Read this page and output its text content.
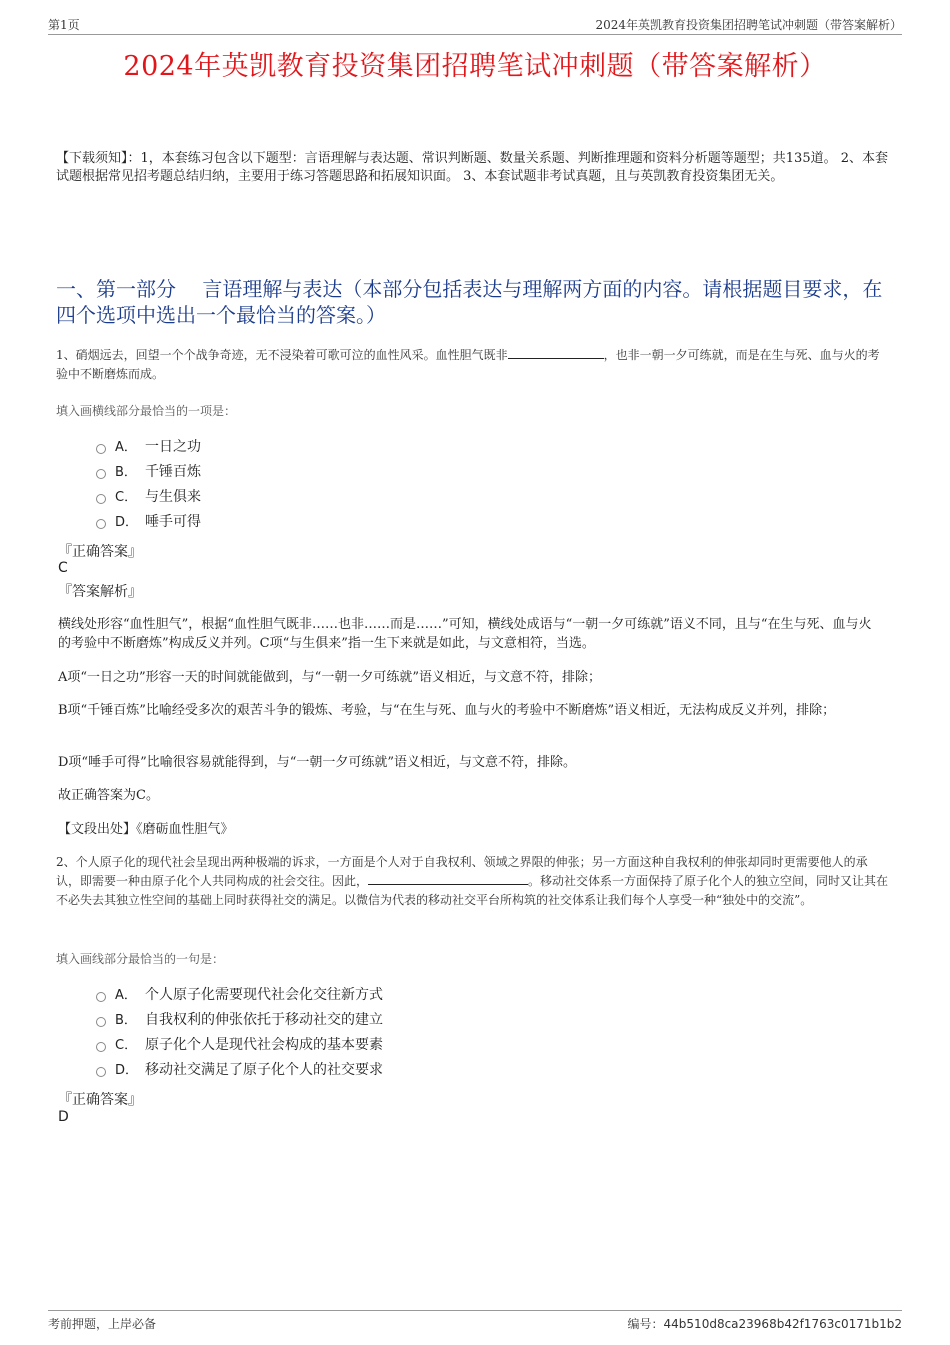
第1页	2024年英凯教育投资集团招聘笔试冲刺题（带答案解析）
2024年英凯教育投资集团招聘笔试冲刺题（带答案解析）
【下载须知】：1，本套练习包含以下题型：言语理解与表达题、常识判断题、数量关系题、判断推理题和资料分析题等题型；共135道。 2、本套试题根据常见招考题总结归纳，主要用于练习答题思路和拓展知识面。 3、本套试题非考试真题，且与英凯教育投资集团无关。
一、第一部分　 言语理解与表达（本部分包括表达与理解两方面的内容。请根据题目要求，在四个选项中选出一个最恰当的答案。）
1、硝烟远去，回望一个个战争奇迹，无不浸染着可歌可泣的血性风采。血性胆气既非	，也非一朝一夕可练就，而是在生与死、血与火的考验中不断磨炼而成。
填入画横线部分最恰当的一项是：
A． 一日之功
B． 千锤百炼
C． 与生俱来
D． 唾手可得
『正确答案』
C
『答案解析』
横线处形容“血性胆气”，根据“血性胆气既非……也非……而是……”可知，横线处成语与“一朝一夕可练就”语义不同，且与“在生与死、血与火的考验中不断磨炼”构成反义并列。C项“与生俱来”指一生下来就是如此，与文意相符，当选。
A项“一日之功”形容一天的时间就能做到，与“一朝一夕可练就”语义相近，与文意不符，排除；
B项“千锤百炼”比喻经受多次的艰苦斗争的锻炼、考验，与“在生与死、血与火的考验中不断磨炼”语义相近，无法构成反义并列，排除；
D项“唾手可得”比喻很容易就能得到，与“一朝一夕可练就”语义相近，与文意不符，排除。
故正确答案为C。
【文段出处】《磨砺血性胆气》
2、个人原子化的现代社会呈现出两种极端的诉求，一方面是个人对于自我权利、领域之界限的伸张；另一方面这种自我权利的伸张却同时更需要他人的承认，即需要一种由原子化个人共同构成的社会交往。因此，	。移动社交体系一方面保持了原子化个人的独立空间，同时又让其在不必失去其独立性空间的基础上同时获得社交的满足。以微信为代表的移动社交平台所构筑的社交体系让我们每个人享受一种“独处中的交流”。
填入画线部分最恰当的一句是：
A． 个人原子化需要现代社会化交往新方式
B． 自我权利的伸张依托于移动社交的建立
C． 原子化个人是现代社会构成的基本要素
D． 移动社交满足了原子化个人的社交要求
『正确答案』
D
考前押题，上岸必备	编号：44b510d8ca23968b42f1763c0171b1b2
